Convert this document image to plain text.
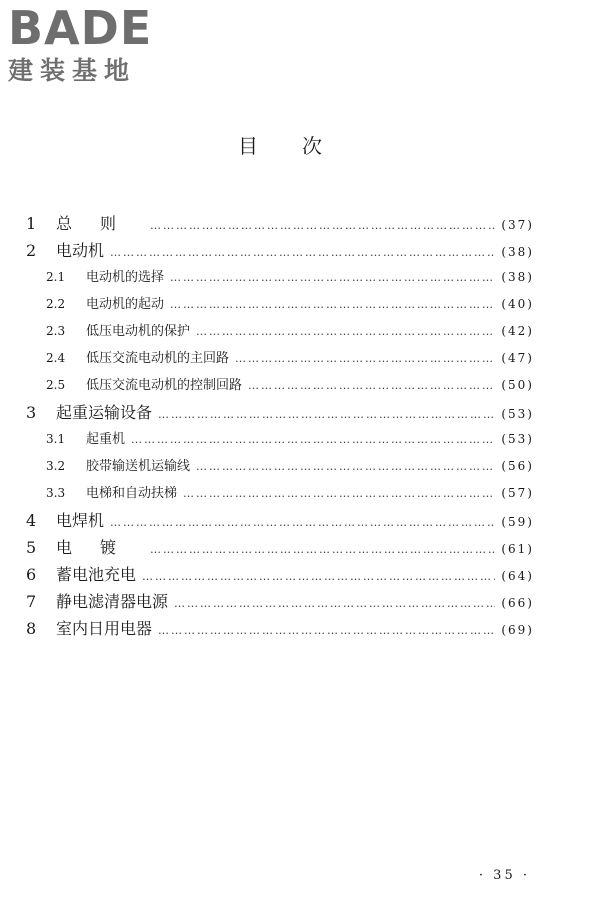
BADE
建装基地
目次
1	总则 ………………………………………………………………………………………………………………	(37)
2	电动机 ………………………………………………………………………………………………………………	(38)
2.1	电动机的选择 ………………………………………………………………………………………………………………	(38)
2.2	电动机的起动 ………………………………………………………………………………………………………………	(40)
2.3	低压电动机的保护 ………………………………………………………………………………………………………………	(42)
2.4	低压交流电动机的主回路 ………………………………………………………………………………………………………………	(47)
2.5	低压交流电动机的控制回路 ………………………………………………………………………………………………………………	(50)
3	起重运输设备 ………………………………………………………………………………………………………………	(53)
3.1	起重机 ………………………………………………………………………………………………………………	(53)
3.2	胶带输送机运输线 ………………………………………………………………………………………………………………	(56)
3.3	电梯和自动扶梯 ………………………………………………………………………………………………………………	(57)
4	电焊机 ………………………………………………………………………………………………………………	(59)
5	电镀 ………………………………………………………………………………………………………………	(61)
6	蓄电池充电 ………………………………………………………………………………………………………………	(64)
7	静电滤清器电源 ………………………………………………………………………………………………………………	(66)
8	室内日用电器 ………………………………………………………………………………………………………………	(69)
· 35 ·
